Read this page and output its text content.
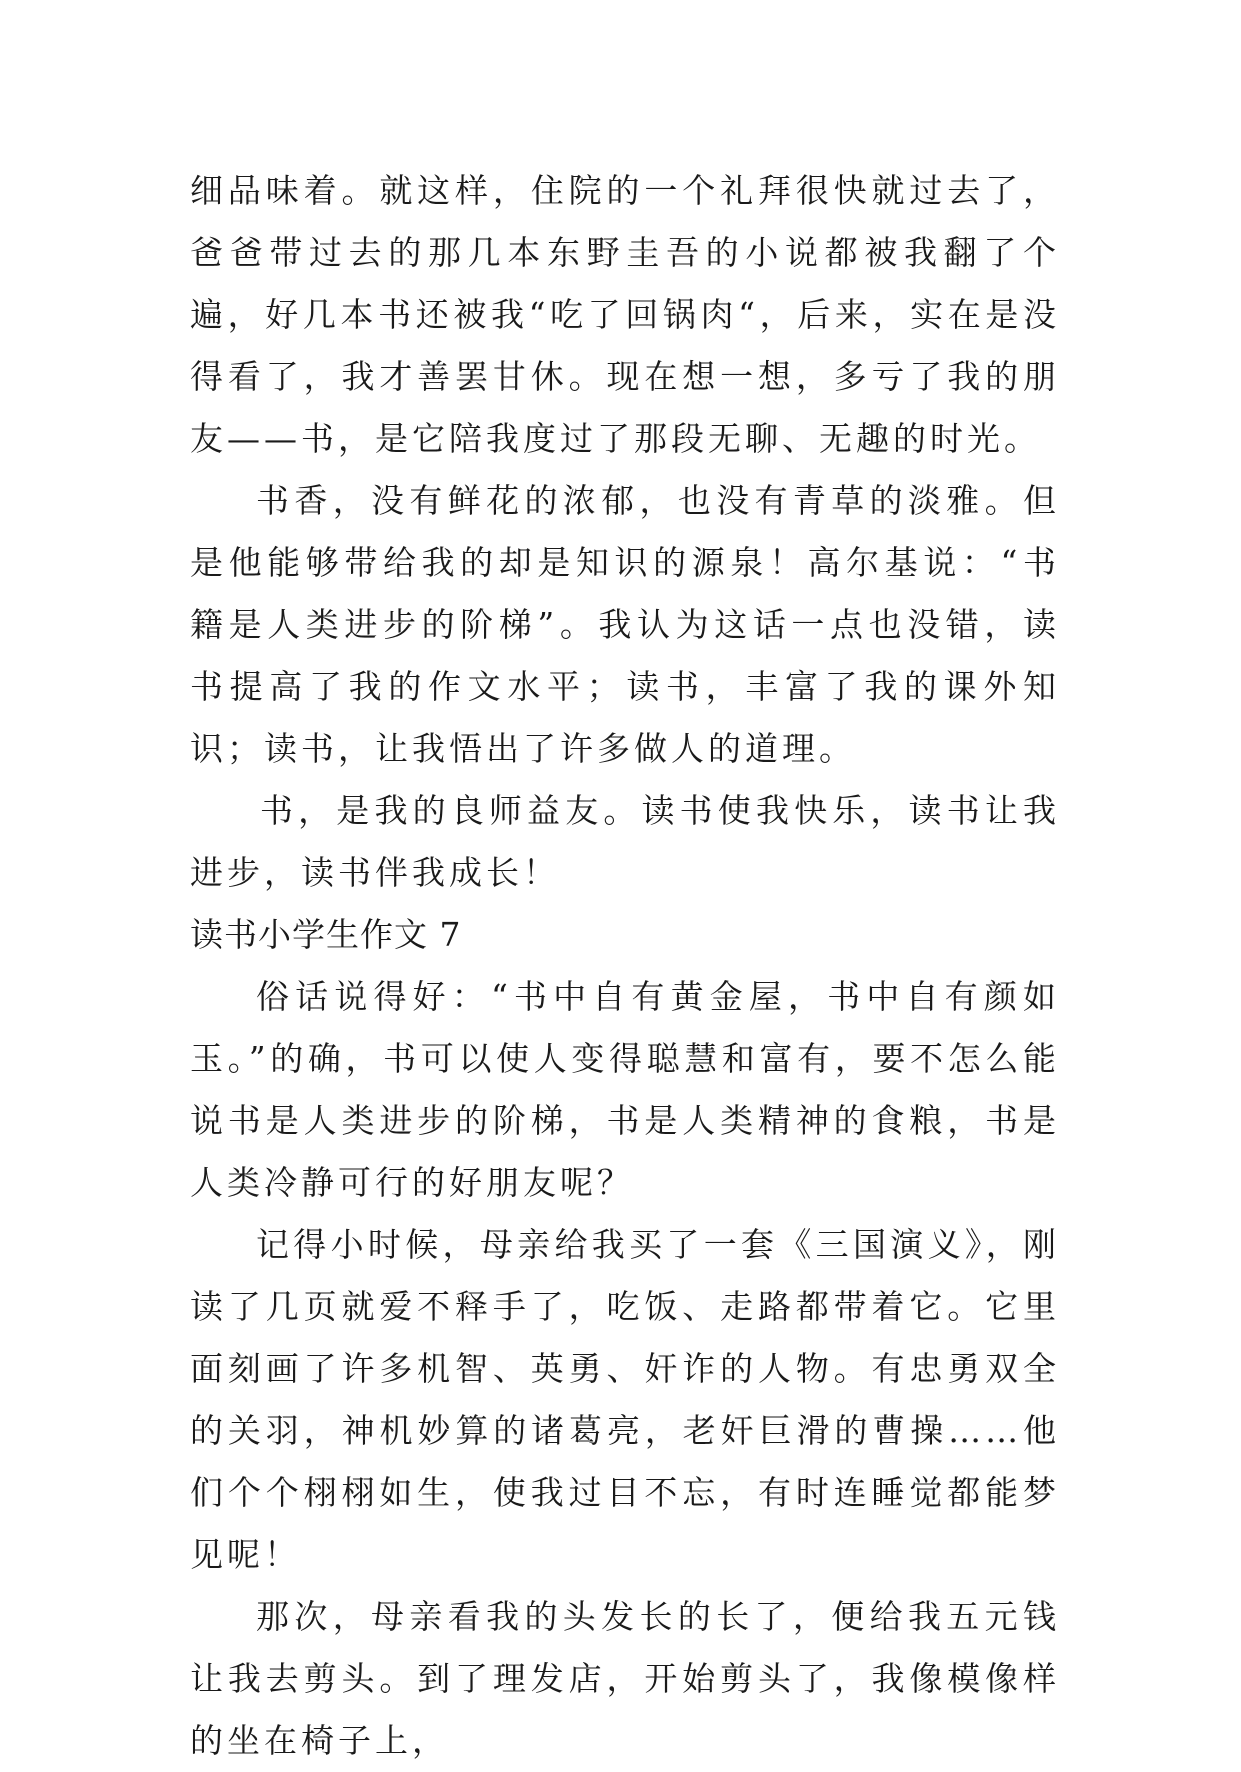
细品味着。就这样，住院的一个礼拜很快就过去了，爸爸带过去的那几本东野圭吾的小说都被我翻了个遍，好几本书还被我“吃了回锅肉“，后来，实在是没得看了，我才善罢甘休。现在想一想，多亏了我的朋友——书，是它陪我度过了那段无聊、无趣的时光。

书香，没有鲜花的浓郁，也没有青草的淡雅。但是他能够带给我的却是知识的源泉！高尔基说：“书籍是人类进步的阶梯”。我认为这话一点也没错，读书提高了我的作文水平；读书，丰富了我的课外知识；读书，让我悟出了许多做人的道理。

书，是我的良师益友。读书使我快乐，读书让我进步，读书伴我成长！

读书小学生作文 7

俗话说得好：“书中自有黄金屋，书中自有颜如玉。”的确，书可以使人变得聪慧和富有，要不怎么能说书是人类进步的阶梯，书是人类精神的食粮，书是人类冷静可行的好朋友呢？

记得小时候，母亲给我买了一套《三国演义》，刚读了几页就爱不释手了，吃饭、走路都带着它。它里面刻画了许多机智、英勇、奸诈的人物。有忠勇双全的关羽，神机妙算的诸葛亮，老奸巨滑的曹操……他们个个栩栩如生，使我过目不忘，有时连睡觉都能梦见呢！

那次，母亲看我的头发长的长了，便给我五元钱让我去剪头。到了理发店，开始剪头了，我像模像样的坐在椅子上，
